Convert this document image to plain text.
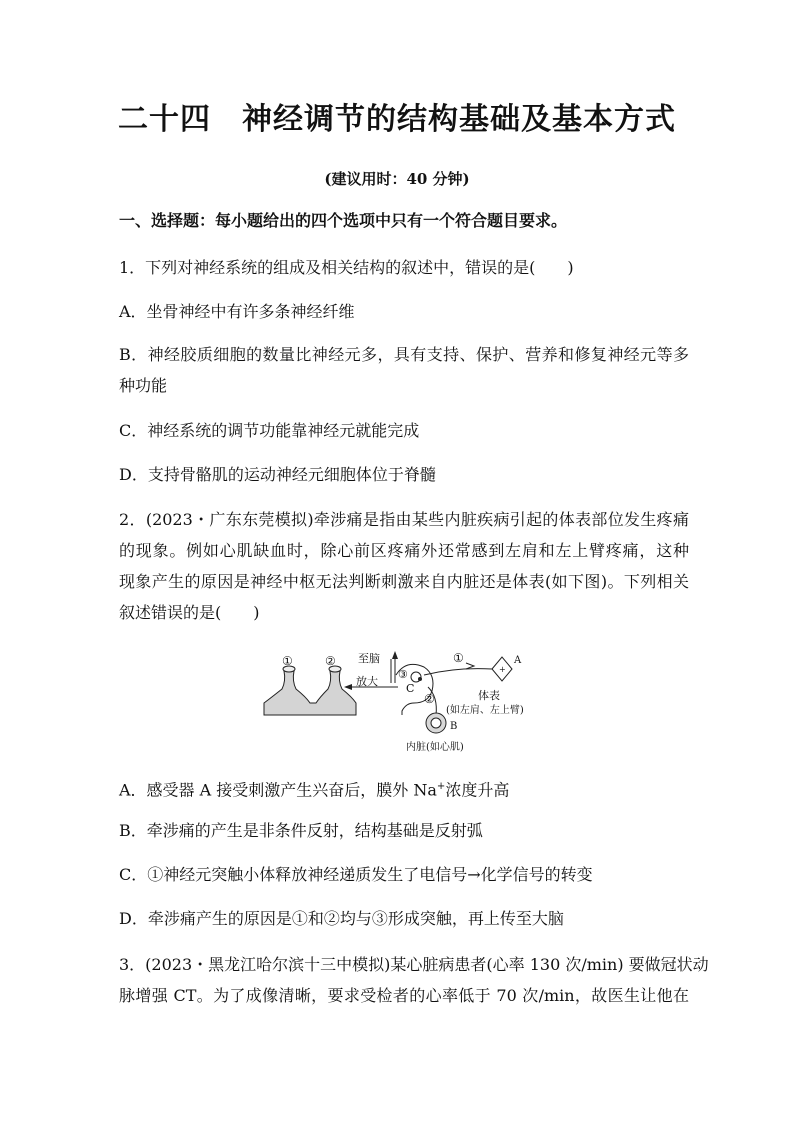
二十四　神经调节的结构基础及基本方式
(建议用时：40 分钟)
一、选择题：每小题给出的四个选项中只有一个符合题目要求。
1．下列对神经系统的组成及相关结构的叙述中，错误的是(　　)
A．坐骨神经中有许多条神经纤维
B．神经胶质细胞的数量比神经元多，具有支持、保护、营养和修复神经元等多
种功能
C．神经系统的调节功能靠神经元就能完成
D．支持骨骼肌的运动神经元细胞体位于脊髓
2．(2023・广东东莞模拟)牵涉痛是指由某些内脏疾病引起的体表部位发生疼痛
的现象。例如心肌缺血时，除心前区疼痛外还常感到左肩和左上臂疼痛，这种
现象产生的原因是神经中枢无法判断刺激来自内脏还是体表(如下图)。下列相关
叙述错误的是(　　)
①	② 至脑
放大
③
C
①
+
A
体表
(如左肩、左上臂)
②
B
内脏(如心肌)
A．感受器 A 接受刺激产生兴奋后，膜外 Na+浓度升高
B．牵涉痛的产生是非条件反射，结构基础是反射弧
C．①神经元突触小体释放神经递质发生了电信号→化学信号的转变
D．牵涉痛产生的原因是①和②均与③形成突触，再上传至大脑
3．(2023・黑龙江哈尔滨十三中模拟)某心脏病患者(心率 130 次/min) 要做冠状动
脉增强 CT。为了成像清晰，要求受检者的心率低于 70 次/min，故医生让他在
